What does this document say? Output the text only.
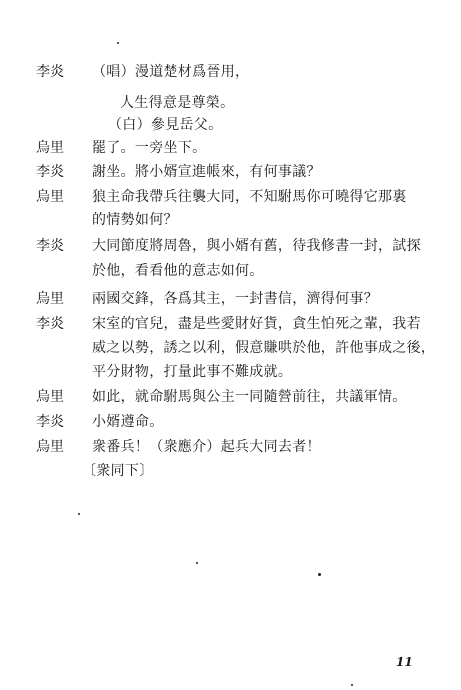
李炎 （唱）漫道楚材爲晉用，
人生得意是尊榮。
（白）參見岳父。
烏里 罷了。一旁坐下。
李炎 謝坐。將小婿宣進帳來，有何事議？
烏里 狼主命我帶兵往襲大同，不知駙馬你可曉得它那裏
的情勢如何？
李炎 大同節度將周魯，與小婿有舊，待我修書一封，試探
於他，看看他的意志如何。
烏里 兩國交鋒，各爲其主，一封書信，濟得何事？
李炎 宋室的官兒，盡是些愛財好貨，貪生怕死之輩，我若
威之以勢，誘之以利，假意賺哄於他，許他事成之後，
平分財物，打量此事不難成就。
烏里 如此，就命駙馬與公主一同隨營前往，共議軍情。
李炎 小婿遵命。
烏里 衆番兵！（衆應介）起兵大同去者！
〔衆同下〕
11
